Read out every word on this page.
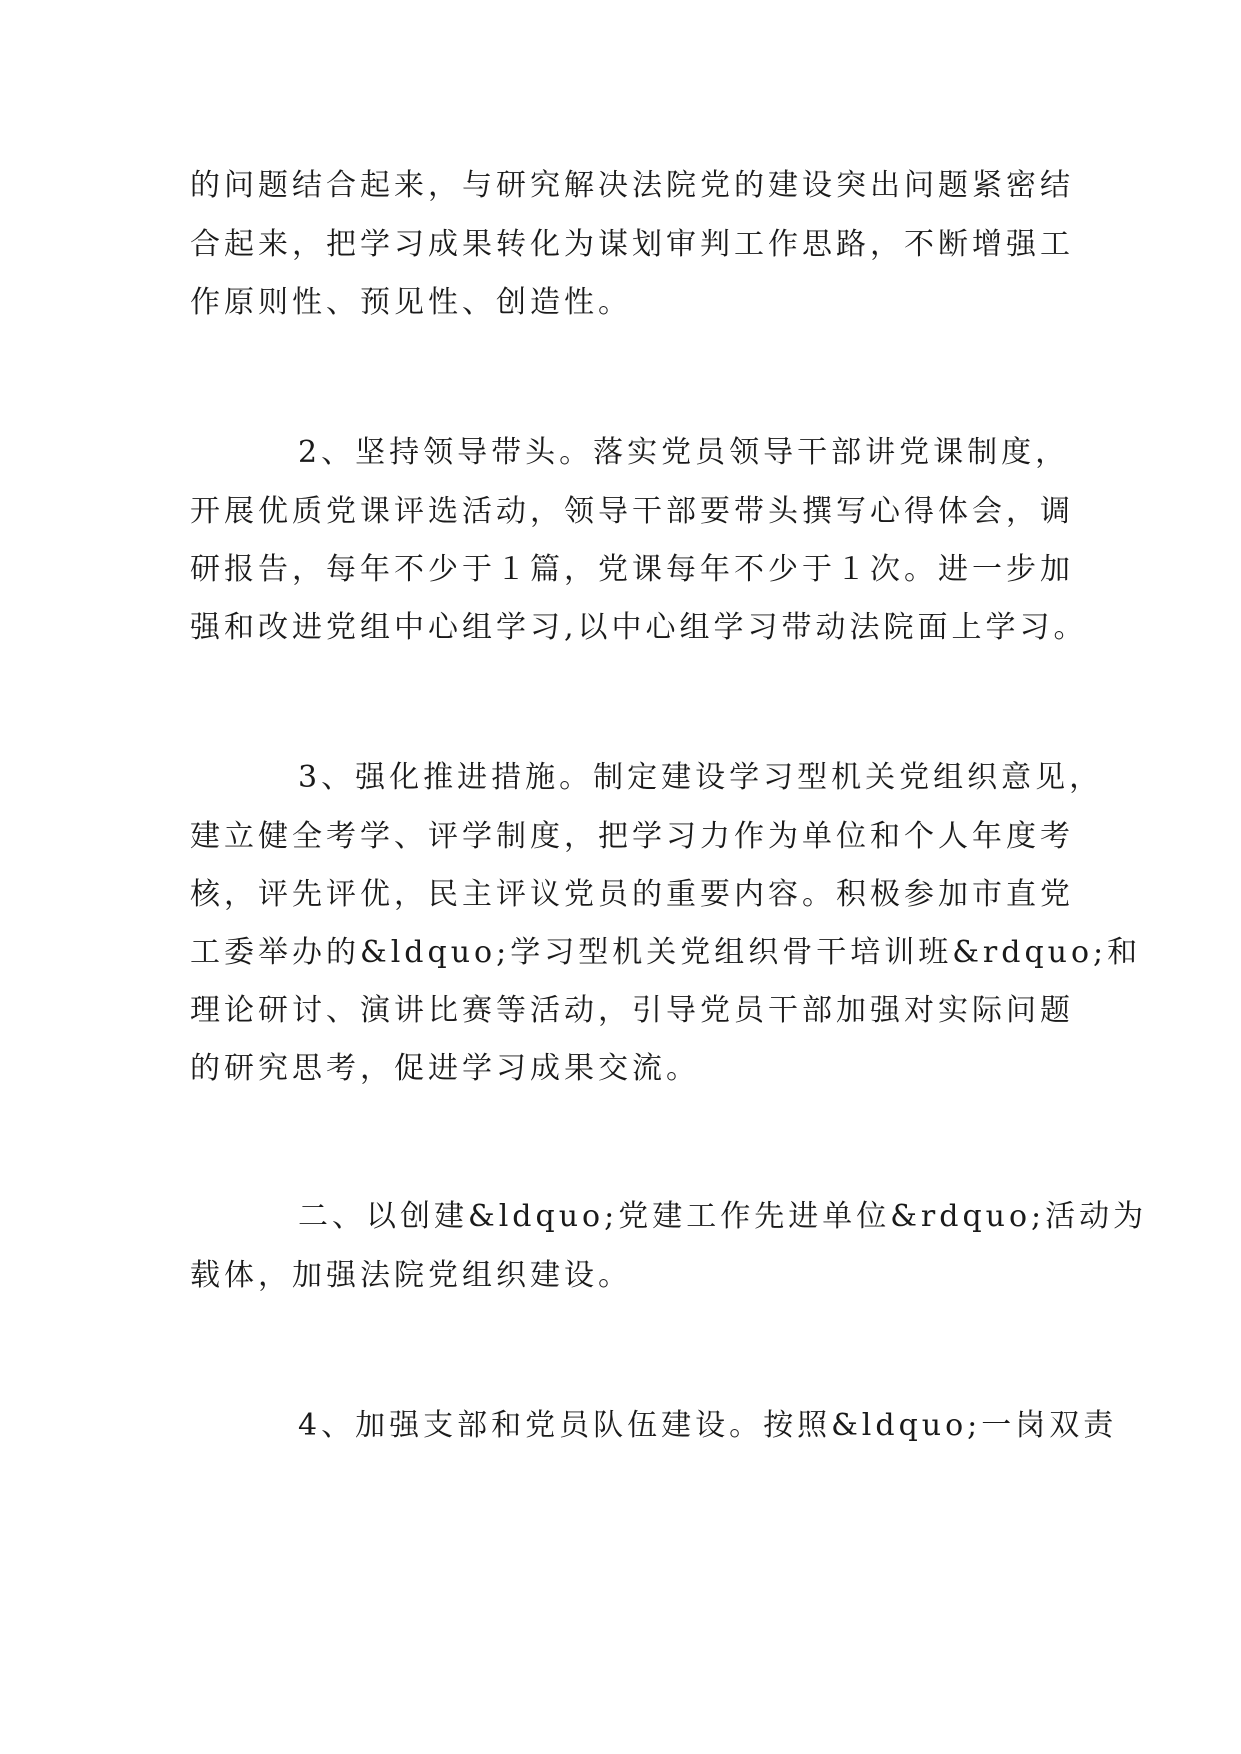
的问题结合起来，与研究解决法院党的建设突出问题紧密结
合起来，把学习成果转化为谋划审判工作思路，不断增强工
作原则性、预见性、创造性。
2、坚持领导带头。落实党员领导干部讲党课制度，
开展优质党课评选活动，领导干部要带头撰写心得体会，调
研报告，每年不少于１篇，党课每年不少于１次。进一步加
强和改进党组中心组学习,以中心组学习带动法院面上学习。
3、强化推进措施。制定建设学习型机关党组织意见，
建立健全考学、评学制度，把学习力作为单位和个人年度考
核，评先评优，民主评议党员的重要内容。积极参加市直党
工委举办的&ldquo;学习型机关党组织骨干培训班&rdquo;和
理论研讨、演讲比赛等活动，引导党员干部加强对实际问题
的研究思考，促进学习成果交流。
二、以创建&ldquo;党建工作先进单位&rdquo;活动为
载体，加强法院党组织建设。
4、加强支部和党员队伍建设。按照&ldquo;一岗双责
